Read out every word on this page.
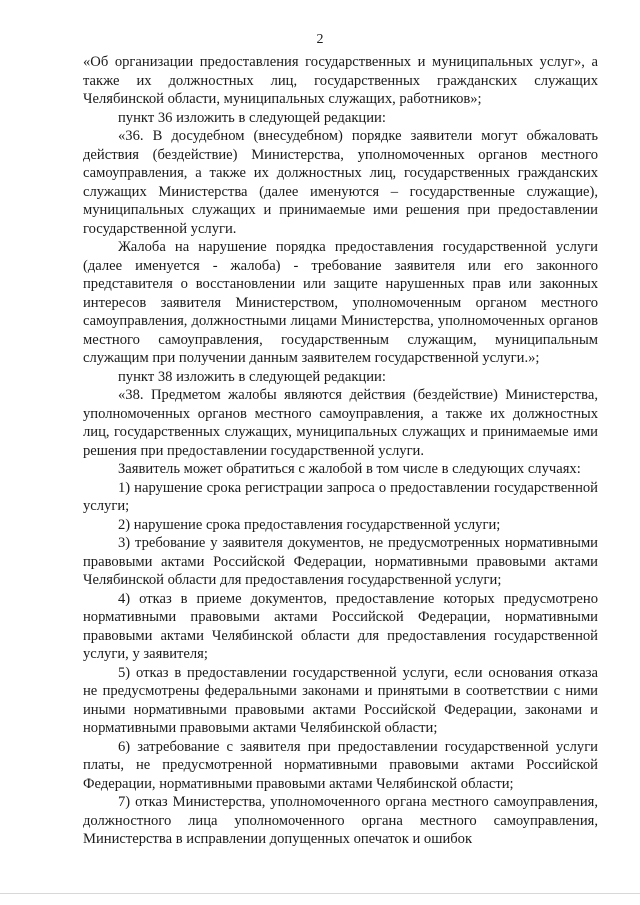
2

«Об организации предоставления государственных и муниципальных услуг», а также их должностных лиц, государственных гражданских служащих Челябинской области, муниципальных служащих, работников»;

пункт 36 изложить в следующей редакции:

«36. В досудебном (внесудебном) порядке заявители могут обжаловать действия (бездействие) Министерства, уполномоченных органов местного самоуправления, а также их должностных лиц, государственных гражданских служащих Министерства (далее именуются – государственные служащие), муниципальных служащих и принимаемые ими решения при предоставлении государственной услуги.

Жалоба на нарушение порядка предоставления государственной услуги (далее именуется - жалоба) - требование заявителя или его законного представителя о восстановлении или защите нарушенных прав или законных интересов заявителя Министерством, уполномоченным органом местного самоуправления, должностными лицами Министерства, уполномоченных органов местного самоуправления, государственным служащим, муниципальным служащим при получении данным заявителем государственной услуги.»;

пункт 38 изложить в следующей редакции:

«38. Предметом жалобы являются действия (бездействие) Министерства, уполномоченных органов местного самоуправления, а также их должностных лиц, государственных служащих, муниципальных служащих и принимаемые ими решения при предоставлении государственной услуги.

Заявитель может обратиться с жалобой в том числе в следующих случаях:

1) нарушение срока регистрации запроса о предоставлении государственной услуги;

2) нарушение срока предоставления государственной услуги;

3) требование у заявителя документов, не предусмотренных нормативными правовыми актами Российской Федерации, нормативными правовыми актами Челябинской области для предоставления государственной услуги;

4) отказ в приеме документов, предоставление которых предусмотрено нормативными правовыми актами Российской Федерации, нормативными правовыми актами Челябинской области для предоставления государственной услуги, у заявителя;

5) отказ в предоставлении государственной услуги, если основания отказа не предусмотрены федеральными законами и принятыми в соответствии с ними иными нормативными правовыми актами Российской Федерации, законами и нормативными правовыми актами Челябинской области;

6) затребование с заявителя при предоставлении государственной услуги платы, не предусмотренной нормативными правовыми актами Российской Федерации, нормативными правовыми актами Челябинской области;

7) отказ Министерства, уполномоченного органа местного самоуправления, должностного лица уполномоченного органа местного самоуправления, Министерства в исправлении допущенных опечаток и ошибок
